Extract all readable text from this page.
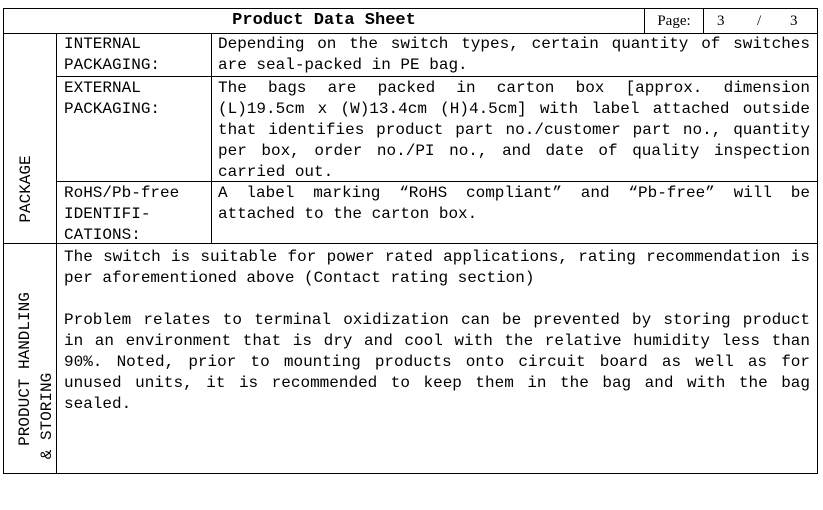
Product Data Sheet	Page:	3 / 3
PACKAGE
INTERNAL
PACKAGING:
Depending on the switch types, certain quantity of switches are seal-packed in PE bag.
EXTERNAL
PACKAGING:
The bags are packed in carton box [approx. dimension (L)19.5cm x (W)13.4cm (H)4.5cm] with label attached outside that identifies product part no./customer part no., quantity per box, order no./PI no., and date of quality inspection carried out.
RoHS/Pb-free
IDENTIFI-
CATIONS:
A label marking “RoHS compliant” and “Pb-free” will be attached to the carton box.
PRODUCT HANDLING & STORING
The switch is suitable for power rated applications, rating recommendation is per aforementioned above (Contact rating section)
Problem relates to terminal oxidization can be prevented by storing product in an environment that is dry and cool with the relative humidity less than 90%. Noted, prior to mounting products onto circuit board as well as for unused units, it is recommended to keep them in the bag and with the bag sealed.
